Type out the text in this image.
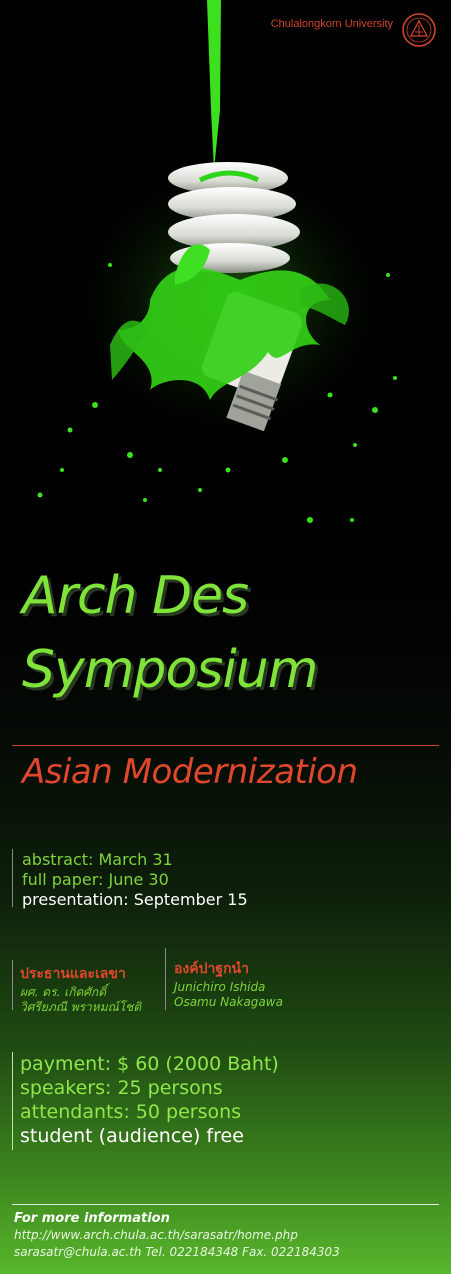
Chulalongkorn University
Arch Des
Symposium
Asian Modernization
abstract: March 31
full paper: June 30
presentation: September 15
ประธานและเลขา
ผศ. ดร. เกิดศักดิ์
วิศรียภณี พราหมณ์โชติ
องค์ปาฐกนำ
Junichiro Ishida
Osamu Nakagawa
payment: $ 60 (2000 Baht)
speakers: 25 persons
attendants: 50 persons
student (audience) free
For more information
http://www.arch.chula.ac.th/sarasatr/home.php
sarasatr@chula.ac.th Tel. 022184348 Fax. 022184303
